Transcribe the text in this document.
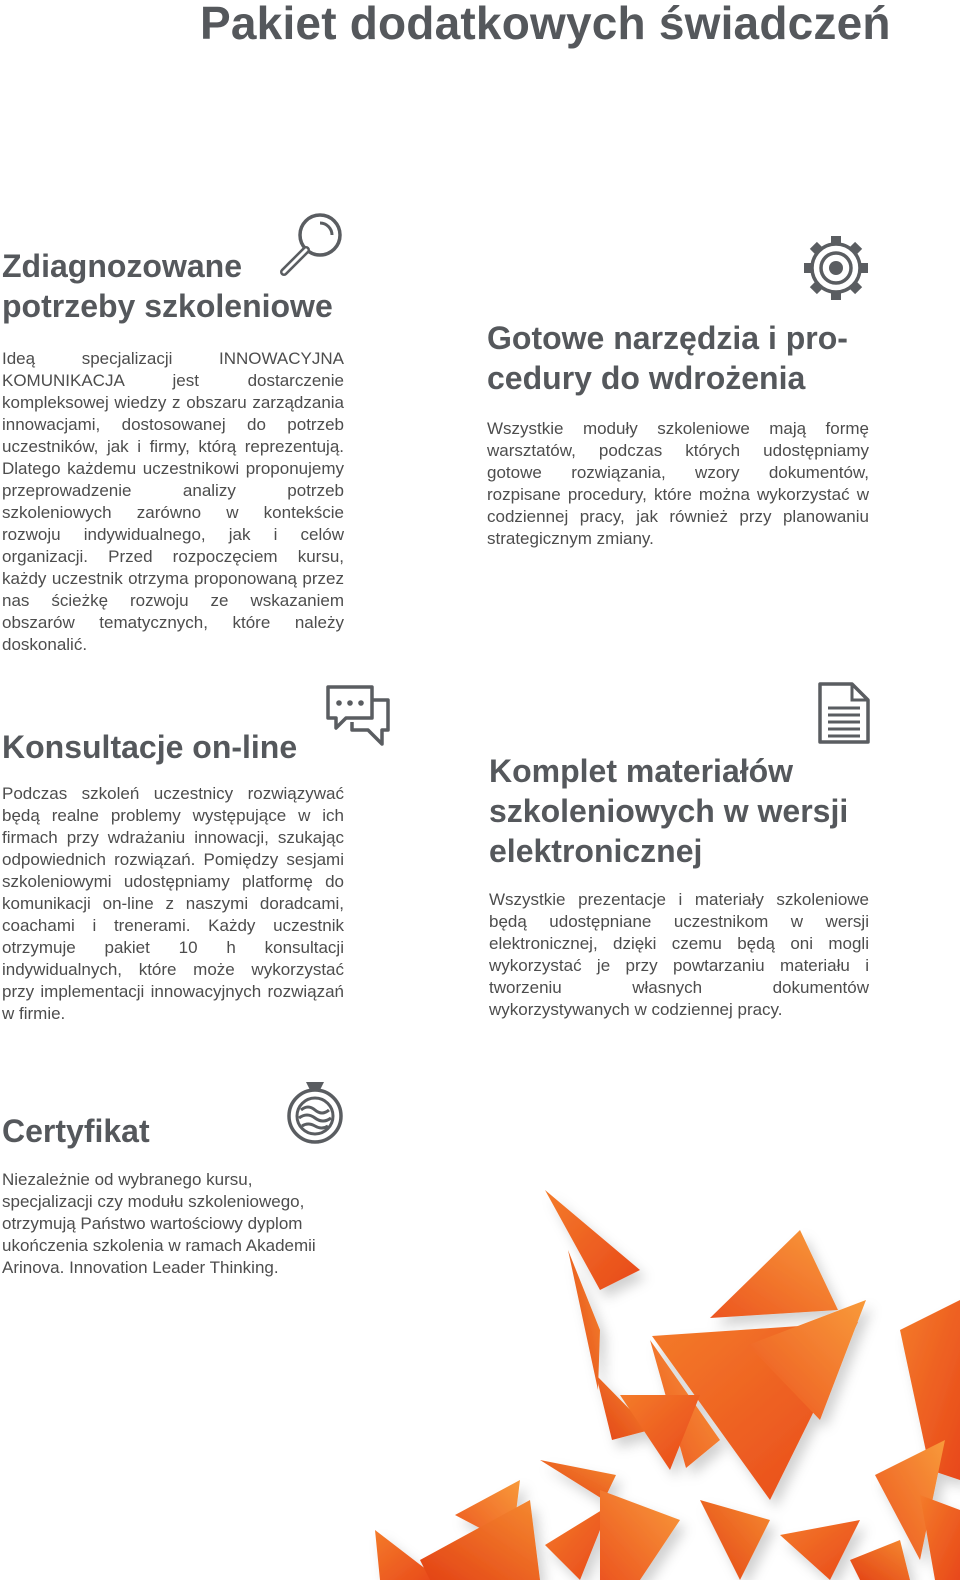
Pakiet dodatkowych świadczeń
Zdiagnozowane
potrzeby szkoleniowe

Ideą specjalizacji INNOWACYJNA KOMUNIKACJA jest dostarczenie kompleksowej wiedzy z obszaru zarządzania innowacjami, dostosowanej do potrzeb uczestników, jak i firmy, którą reprezentują. Dlatego każdemu uczestnikowi proponujemy przeprowadzenie analizy potrzeb szkoleniowych zarówno w kontekście rozwoju indywidualnego, jak i celów organizacji. Przed rozpoczęciem kursu, każdy uczestnik otrzyma proponowaną przez nas ścieżkę rozwoju ze wskazaniem obszarów tematycznych, które należy doskonalić.

Gotowe narzędzia i pro-
cedury do wdrożenia

Wszystkie moduły szkoleniowe mają formę warsztatów, podczas których udostępniamy gotowe rozwiązania, wzory dokumentów, rozpisane procedury, które można wykorzystać w codziennej pracy, jak również przy planowaniu strategicznym zmiany.

Konsultacje on-line

Podczas szkoleń uczestnicy rozwiązywać będą realne problemy występujące w ich firmach przy wdrażaniu innowacji, szukając odpowiednich rozwiązań. Pomiędzy sesjami szkoleniowymi udostępniamy platformę do komunikacji on-line z naszymi doradcami, coachami i trenerami. Każdy uczestnik otrzymuje pakiet 10 h konsultacji indywidualnych, które może wykorzystać przy implementacji innowacyjnych rozwiązań w firmie.

Komplet materiałów
szkoleniowych w wersji
elektronicznej

Wszystkie prezentacje i materiały szkoleniowe będą udostępniane uczestnikom w wersji elektronicznej, dzięki czemu będą oni mogli wykorzystać je przy powtarzaniu materiału i tworzeniu własnych dokumentów wykorzystywanych w codziennej pracy.

Certyfikat

Niezależnie od wybranego kursu, specjalizacji czy modułu szkoleniowego, otrzymują Państwo wartościowy dyplom ukończenia szkolenia w ramach Akademii Arinova. Innovation Leader Thinking.
